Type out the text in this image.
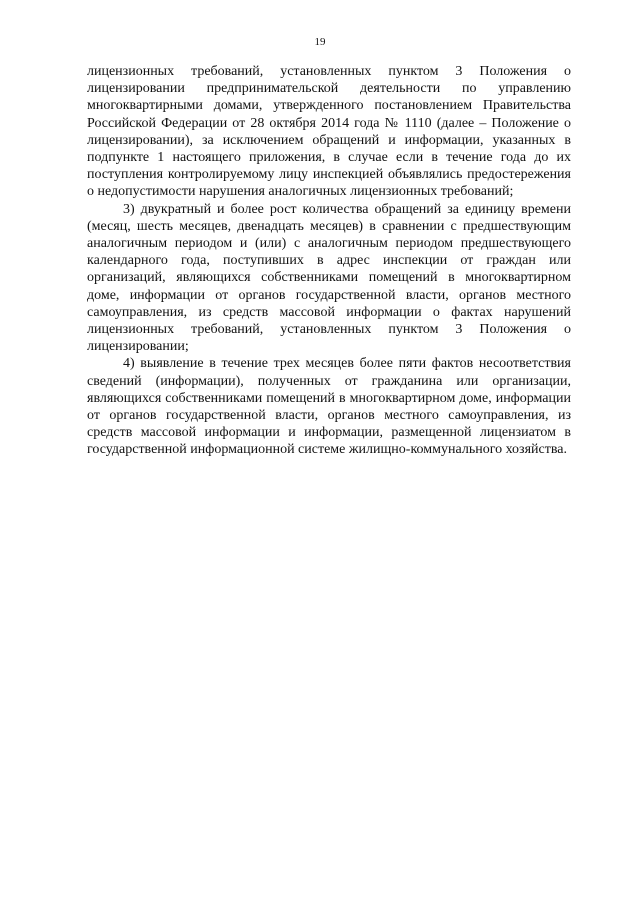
19

лицензионных требований, установленных пунктом 3 Положения о лицензировании предпринимательской деятельности по управлению многоквартирными домами, утвержденного постановлением Правительства Российской Федерации от 28 октября 2014 года № 1110 (далее – Положение о лицензировании), за исключением обращений и информации, указанных в подпункте 1 настоящего приложения, в случае если в течение года до их поступления контролируемому лицу инспекцией объявлялись предостережения о недопустимости нарушения аналогичных лицензионных требований;

3) двукратный и более рост количества обращений за единицу времени (месяц, шесть месяцев, двенадцать месяцев) в сравнении с предшествующим аналогичным периодом и (или) с аналогичным периодом предшествующего календарного года, поступивших в адрес инспекции от граждан или организаций, являющихся собственниками помещений в многоквартирном доме, информации от органов государственной власти, органов местного самоуправления, из средств массовой информации о фактах нарушений лицензионных требований, установленных пунктом 3 Положения о лицензировании;

4) выявление в течение трех месяцев более пяти фактов несоответствия сведений (информации), полученных от гражданина или организации, являющихся собственниками помещений в многоквартирном доме, информации от органов государственной власти, органов местного самоуправления, из средств массовой информации и информации, размещенной лицензиатом в государственной информационной системе жилищно-коммунального хозяйства.
